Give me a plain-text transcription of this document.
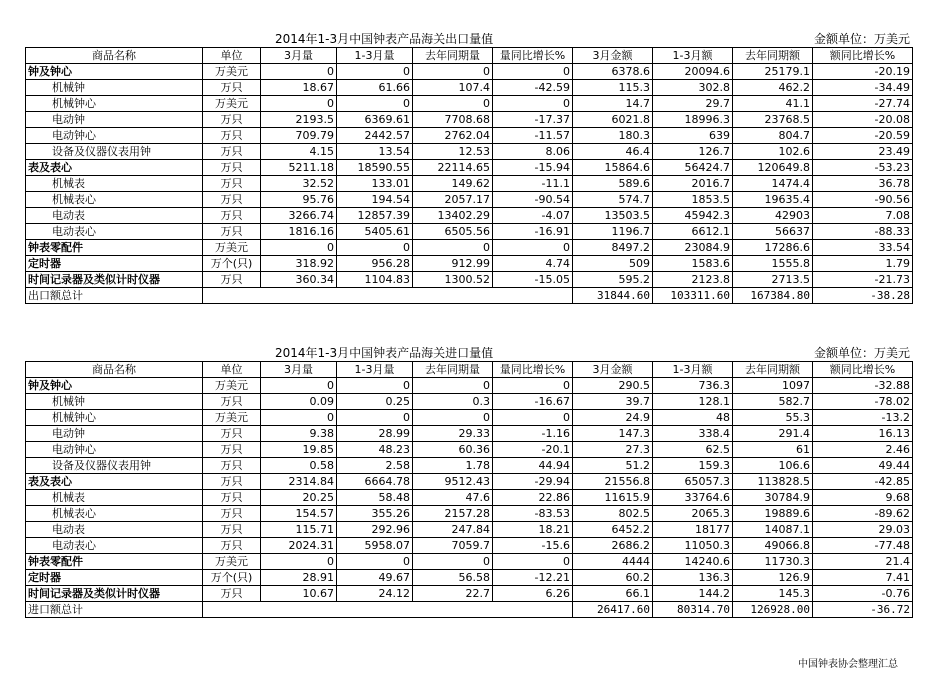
2014年1-3月中国钟表产品海关出口量值	金额单位：万美元
商品名称	单位	3月量	1-3月量	去年同期量	量同比增长%	3月金额	1-3月额	去年同期额	额同比增长%
钟及钟心	万美元	0	0	0	0	6378.6	20094.6	25179.1	-20.19
机械钟	万只	18.67	61.66	107.4	-42.59	115.3	302.8	462.2	-34.49
机械钟心	万美元	0	0	0	0	14.7	29.7	41.1	-27.74
电动钟	万只	2193.5	6369.61	7708.68	-17.37	6021.8	18996.3	23768.5	-20.08
电动钟心	万只	709.79	2442.57	2762.04	-11.57	180.3	639	804.7	-20.59
设备及仪器仪表用钟	万只	4.15	13.54	12.53	8.06	46.4	126.7	102.6	23.49
表及表心	万只	5211.18	18590.55	22114.65	-15.94	15864.6	56424.7	120649.8	-53.23
机械表	万只	32.52	133.01	149.62	-11.1	589.6	2016.7	1474.4	36.78
机械表心	万只	95.76	194.54	2057.17	-90.54	574.7	1853.5	19635.4	-90.56
电动表	万只	3266.74	12857.39	13402.29	-4.07	13503.5	45942.3	42903	7.08
电动表心	万只	1816.16	5405.61	6505.56	-16.91	1196.7	6612.1	56637	-88.33
钟表零配件	万美元	0	0	0	0	8497.2	23084.9	17286.6	33.54
定时器	万个(只)	318.92	956.28	912.99	4.74	509	1583.6	1555.8	1.79
时间记录器及类似计时仪器	万只	360.34	1104.83	1300.52	-15.05	595.2	2123.8	2713.5	-21.73
出口额总计						31844.60	103311.60	167384.80	-38.28
2014年1-3月中国钟表产品海关进口量值	金额单位：万美元
商品名称	单位	3月量	1-3月量	去年同期量	量同比增长%	3月金额	1-3月额	去年同期额	额同比增长%
钟及钟心	万美元	0	0	0	0	290.5	736.3	1097	-32.88
机械钟	万只	0.09	0.25	0.3	-16.67	39.7	128.1	582.7	-78.02
机械钟心	万美元	0	0	0	0	24.9	48	55.3	-13.2
电动钟	万只	9.38	28.99	29.33	-1.16	147.3	338.4	291.4	16.13
电动钟心	万只	19.85	48.23	60.36	-20.1	27.3	62.5	61	2.46
设备及仪器仪表用钟	万只	0.58	2.58	1.78	44.94	51.2	159.3	106.6	49.44
表及表心	万只	2314.84	6664.78	9512.43	-29.94	21556.8	65057.3	113828.5	-42.85
机械表	万只	20.25	58.48	47.6	22.86	11615.9	33764.6	30784.9	9.68
机械表心	万只	154.57	355.26	2157.28	-83.53	802.5	2065.3	19889.6	-89.62
电动表	万只	115.71	292.96	247.84	18.21	6452.2	18177	14087.1	29.03
电动表心	万只	2024.31	5958.07	7059.7	-15.6	2686.2	11050.3	49066.8	-77.48
钟表零配件	万美元	0	0	0	0	4444	14240.6	11730.3	21.4
定时器	万个(只)	28.91	49.67	56.58	-12.21	60.2	136.3	126.9	7.41
时间记录器及类似计时仪器	万只	10.67	24.12	22.7	6.26	66.1	144.2	145.3	-0.76
进口额总计						26417.60	80314.70	126928.00	-36.72
中国钟表协会整理汇总
